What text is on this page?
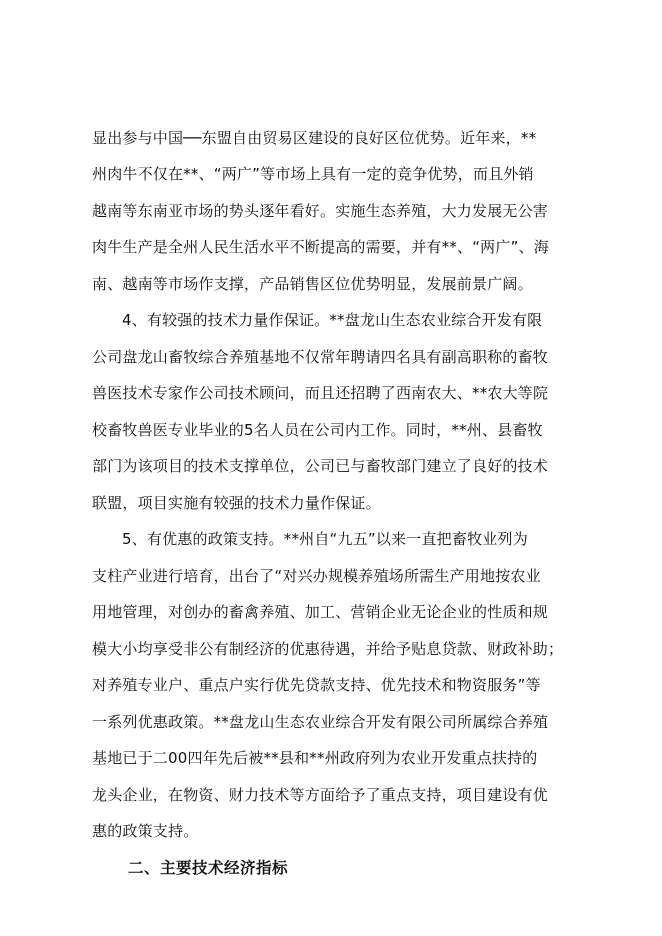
显出参与中国──东盟自由贸易区建设的良好区位优势。近年来，**
州肉牛不仅在**、“两广”等市场上具有一定的竞争优势，而且外销
越南等东南亚市场的势头逐年看好。实施生态养殖，大力发展无公害
肉牛生产是全州人民生活水平不断提高的需要，并有**、“两广”、海
南、越南等市场作支撑，产品销售区位优势明显，发展前景广阔。
4、有较强的技术力量作保证。**盘龙山生态农业综合开发有限
公司盘龙山畜牧综合养殖基地不仅常年聘请四名具有副高职称的畜牧
兽医技术专家作公司技术顾问，而且还招聘了西南农大、**农大等院
校畜牧兽医专业毕业的5名人员在公司内工作。同时，**州、县畜牧
部门为该项目的技术支撑单位，公司已与畜牧部门建立了良好的技术
联盟，项目实施有较强的技术力量作保证。
5、有优惠的政策支持。**州自“九五”以来一直把畜牧业列为
支柱产业进行培育，出台了“对兴办规模养殖场所需生产用地按农业
用地管理，对创办的畜禽养殖、加工、营销企业无论企业的性质和规
模大小均享受非公有制经济的优惠待遇，并给予贴息贷款、财政补助；
对养殖专业户、重点户实行优先贷款支持、优先技术和物资服务”等
一系列优惠政策。**盘龙山生态农业综合开发有限公司所属综合养殖
基地已于二00四年先后被**县和**州政府列为农业开发重点扶持的
龙头企业，在物资、财力技术等方面给予了重点支持，项目建设有优
惠的政策支持。
二、主要技术经济指标
